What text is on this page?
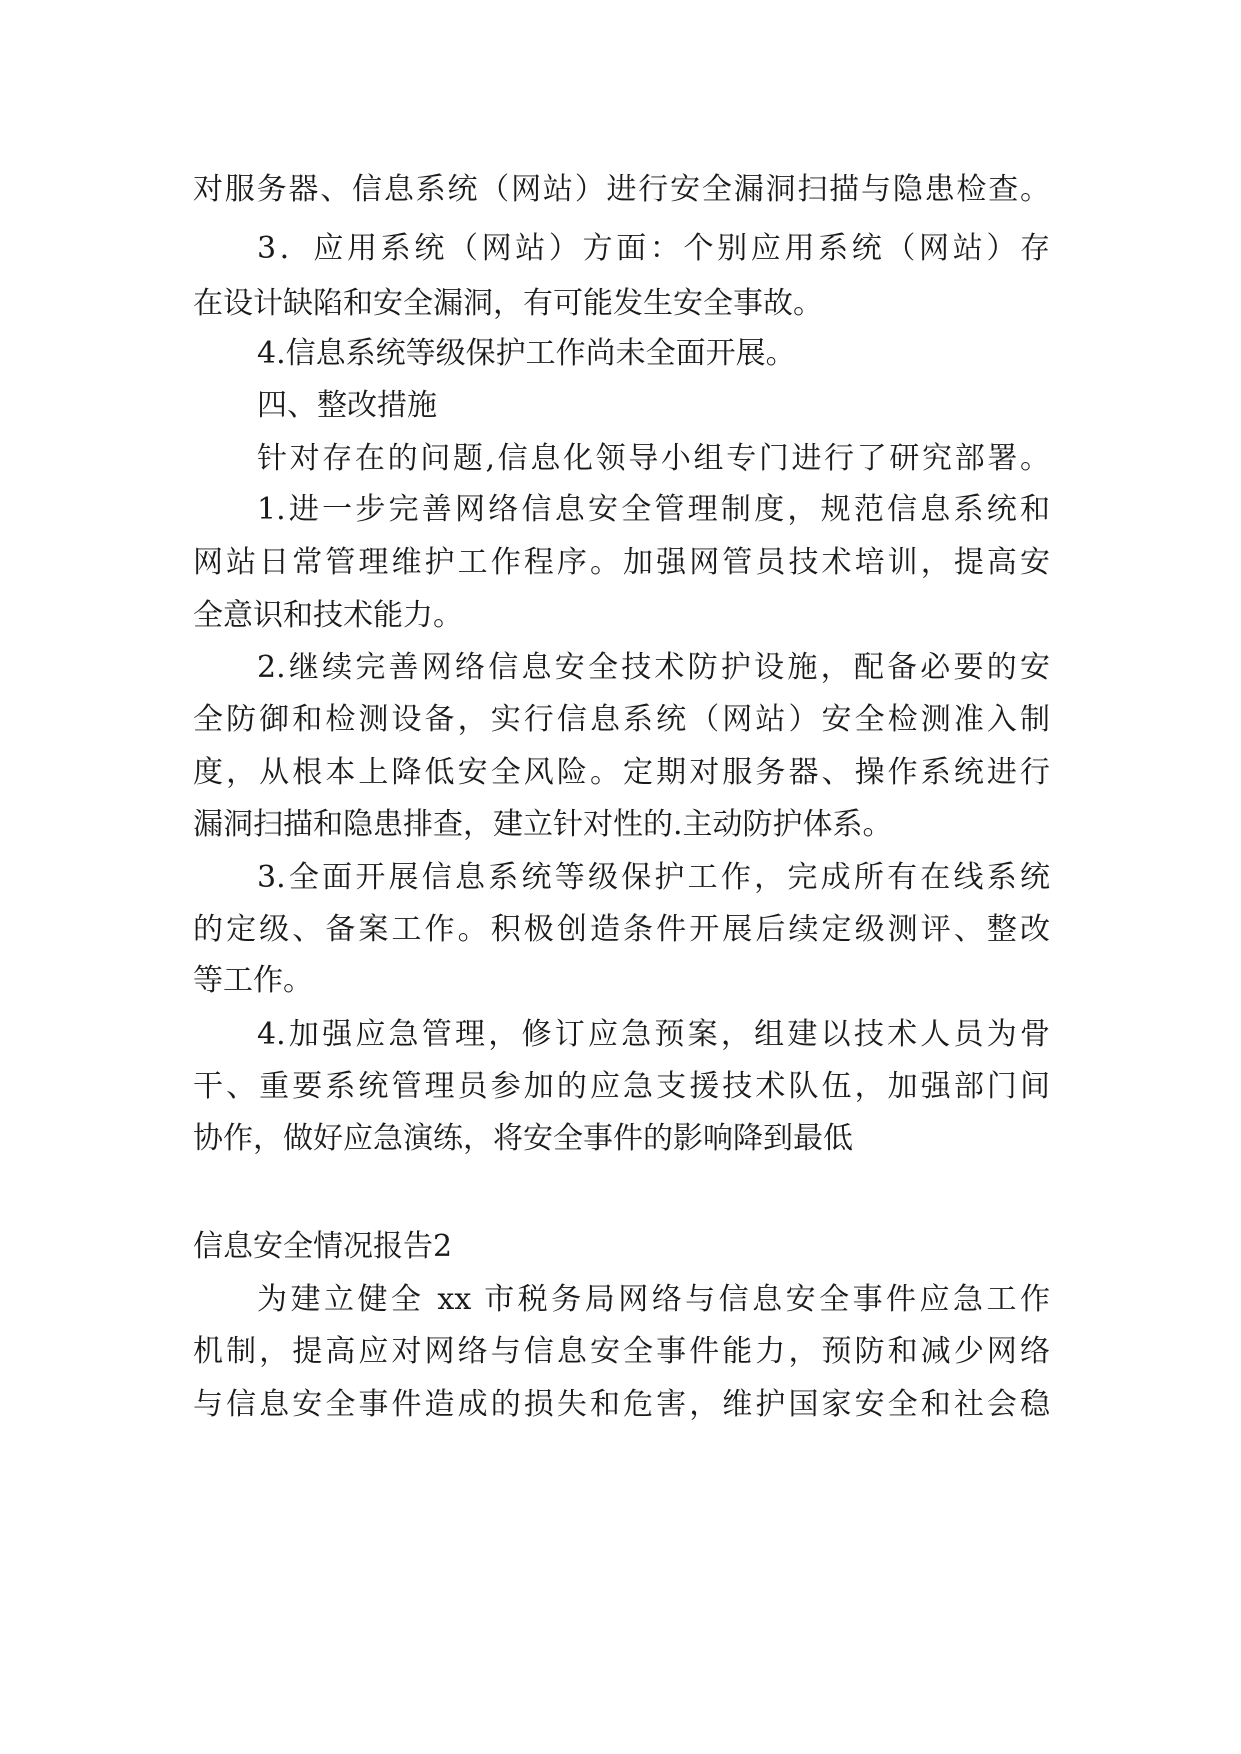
对服务器、信息系统（网站）进行安全漏洞扫描与隐患检查。
3．应用系统（网站）方面：个别应用系统（网站）存
在设计缺陷和安全漏洞，有可能发生安全事故。
4.信息系统等级保护工作尚未全面开展。
四、整改措施
针对存在的问题,信息化领导小组专门进行了研究部署。
1.进一步完善网络信息安全管理制度，规范信息系统和
网站日常管理维护工作程序。加强网管员技术培训，提高安
全意识和技术能力。
2.继续完善网络信息安全技术防护设施，配备必要的安
全防御和检测设备，实行信息系统（网站）安全检测准入制
度，从根本上降低安全风险。定期对服务器、操作系统进行
漏洞扫描和隐患排查，建立针对性的.主动防护体系。
3.全面开展信息系统等级保护工作，完成所有在线系统
的定级、备案工作。积极创造条件开展后续定级测评、整改
等工作。
4.加强应急管理，修订应急预案，组建以技术人员为骨
干、重要系统管理员参加的应急支援技术队伍，加强部门间
协作，做好应急演练，将安全事件的影响降到最低
信息安全情况报告2
为建立健全 xx 市税务局网络与信息安全事件应急工作
机制，提高应对网络与信息安全事件能力，预防和减少网络
与信息安全事件造成的损失和危害，维护国家安全和社会稳
